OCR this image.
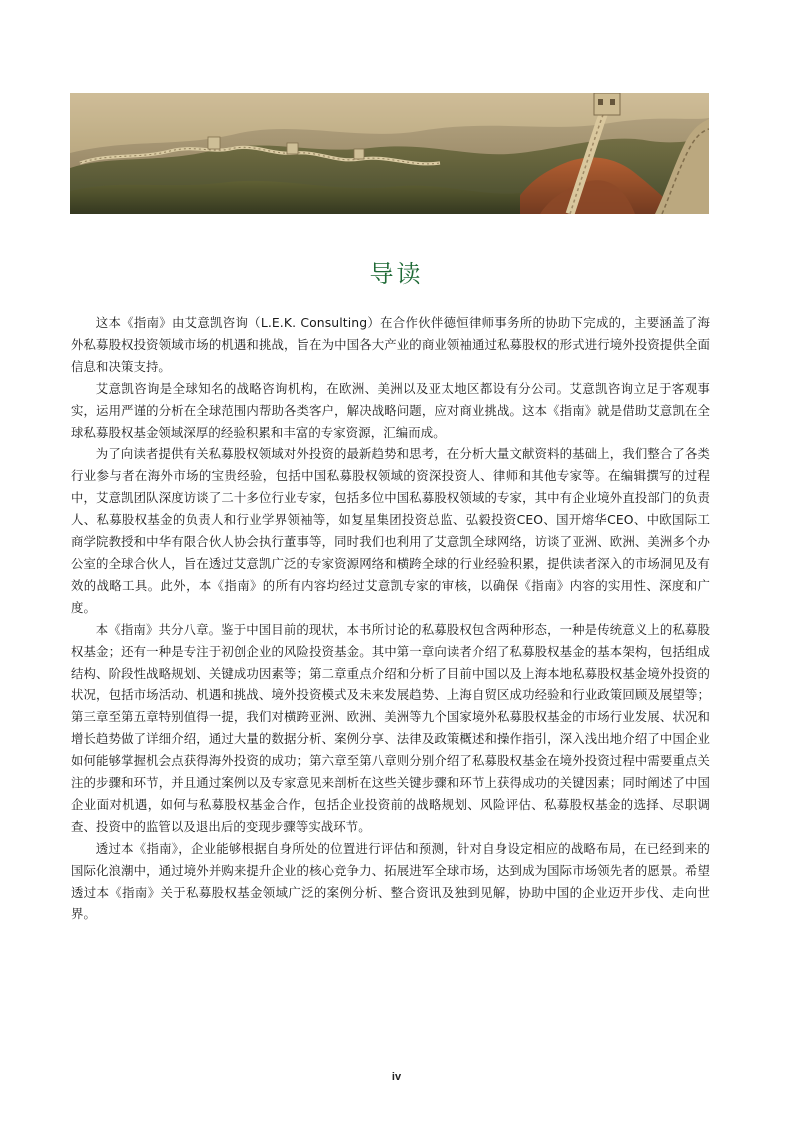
导读

这本《指南》由艾意凯咨询（L.E.K. Consulting）在合作伙伴德恒律师事务所的协助下完成的，主要涵盖了海外私募股权投资领域市场的机遇和挑战，旨在为中国各大产业的商业领袖通过私募股权的形式进行境外投资提供全面信息和决策支持。

艾意凯咨询是全球知名的战略咨询机构，在欧洲、美洲以及亚太地区都设有分公司。艾意凯咨询立足于客观事实，运用严谨的分析在全球范围内帮助各类客户，解决战略问题，应对商业挑战。这本《指南》就是借助艾意凯在全球私募股权基金领域深厚的经验积累和丰富的专家资源，汇编而成。

为了向读者提供有关私募股权领域对外投资的最新趋势和思考，在分析大量文献资料的基础上，我们整合了各类行业参与者在海外市场的宝贵经验，包括中国私募股权领域的资深投资人、律师和其他专家等。在编辑撰写的过程中，艾意凯团队深度访谈了二十多位行业专家，包括多位中国私募股权领域的专家，其中有企业境外直投部门的负责人、私募股权基金的负责人和行业学界领袖等，如复星集团投资总监、弘毅投资CEO、国开熔华CEO、中欧国际工商学院教授和中华有限合伙人协会执行董事等，同时我们也利用了艾意凯全球网络，访谈了亚洲、欧洲、美洲多个办公室的全球合伙人，旨在透过艾意凯广泛的专家资源网络和横跨全球的行业经验积累，提供读者深入的市场洞见及有效的战略工具。此外，本《指南》的所有内容均经过艾意凯专家的审核，以确保《指南》内容的实用性、深度和广度。

本《指南》共分八章。鉴于中国目前的现状，本书所讨论的私募股权包含两种形态，一种是传统意义上的私募股权基金；还有一种是专注于初创企业的风险投资基金。其中第一章向读者介绍了私募股权基金的基本架构，包括组成结构、阶段性战略规划、关键成功因素等；第二章重点介绍和分析了目前中国以及上海本地私募股权基金境外投资的状况，包括市场活动、机遇和挑战、境外投资模式及未来发展趋势、上海自贸区成功经验和行业政策回顾及展望等；第三章至第五章特别值得一提，我们对横跨亚洲、欧洲、美洲等九个国家境外私募股权基金的市场行业发展、状况和增长趋势做了详细介绍，通过大量的数据分析、案例分享、法律及政策概述和操作指引，深入浅出地介绍了中国企业如何能够掌握机会点获得海外投资的成功；第六章至第八章则分别介绍了私募股权基金在境外投资过程中需要重点关注的步骤和环节，并且通过案例以及专家意见来剖析在这些关键步骤和环节上获得成功的关键因素；同时阐述了中国企业面对机遇，如何与私募股权基金合作，包括企业投资前的战略规划、风险评估、私募股权基金的选择、尽职调查、投资中的监管以及退出后的变现步骤等实战环节。

透过本《指南》，企业能够根据自身所处的位置进行评估和预测，针对自身设定相应的战略布局，在已经到来的国际化浪潮中，通过境外并购来提升企业的核心竞争力、拓展进军全球市场，达到成为国际市场领先者的愿景。希望透过本《指南》关于私募股权基金领域广泛的案例分析、整合资讯及独到见解，协助中国的企业迈开步伐、走向世界。

iv
